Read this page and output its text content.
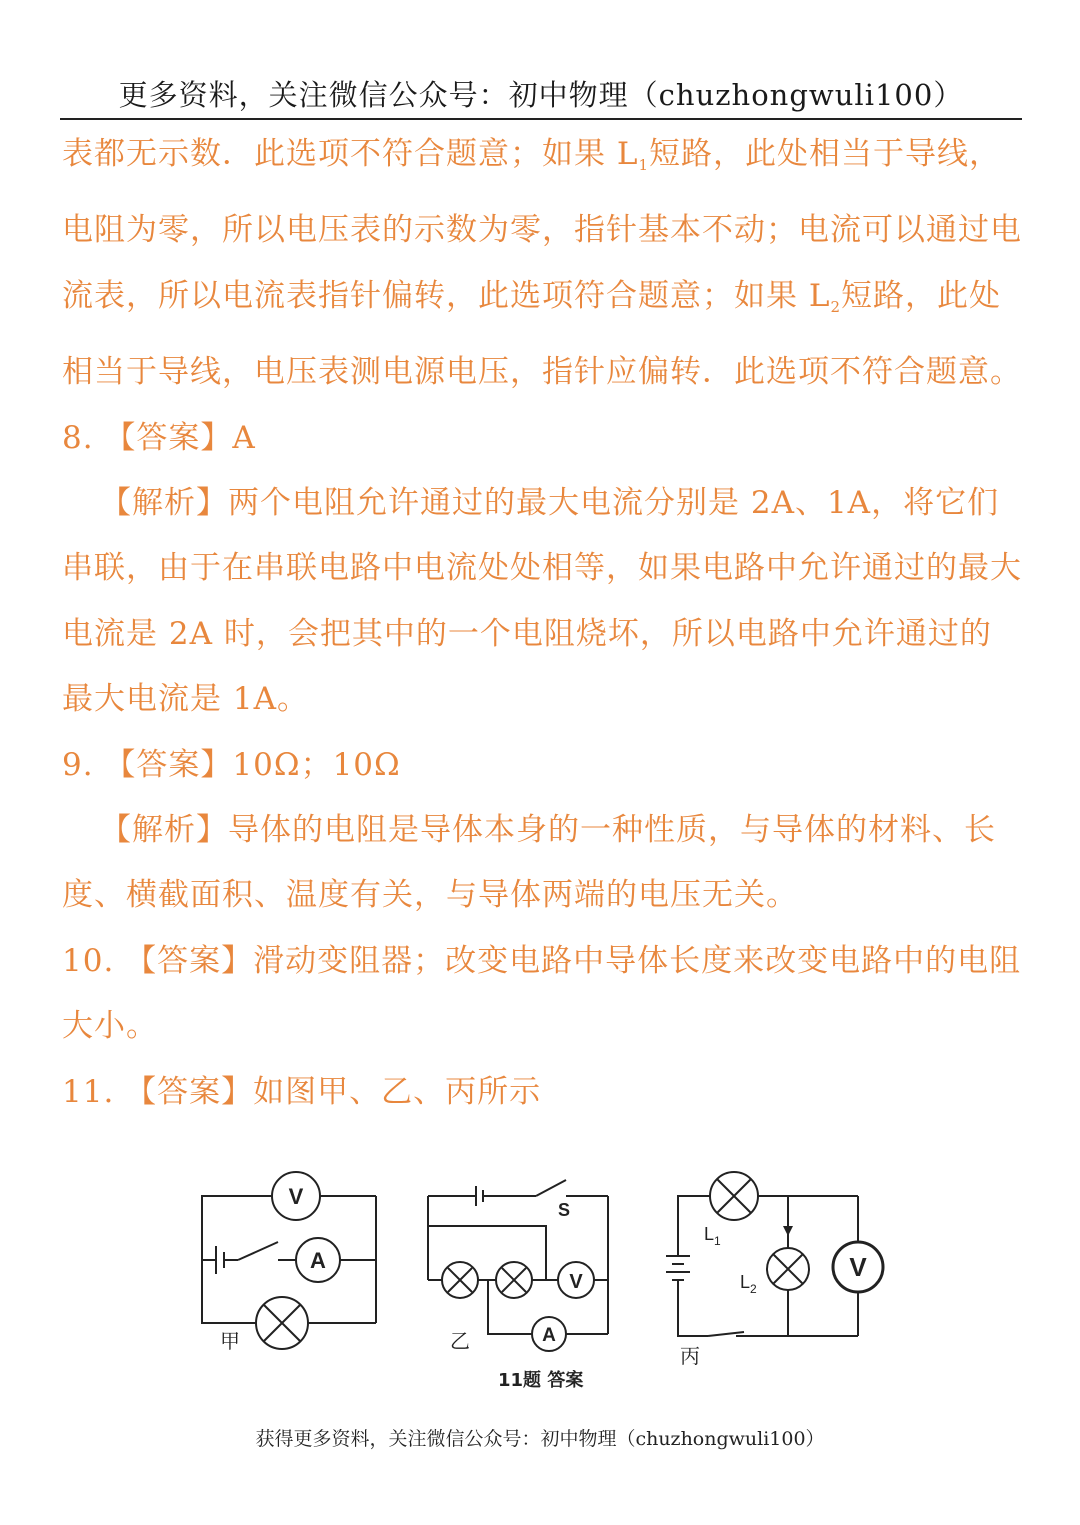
更多资料，关注微信公众号：初中物理（chuzhongwuli100）

表都无示数．此选项不符合题意；如果 $L_1$短路，此处相当于导线，电阻为零，所以电压表的示数为零，指针基本不动；电流可以通过电流表，所以电流表指针偏转，此选项符合题意；如果 $L_2$短路，此处相当于导线，电压表测电源电压，指针应偏转．此选项不符合题意。

8. 【答案】A

【解析】两个电阻允许通过的最大电流分别是 2A、1A，将它们串联，由于在串联电路中电流处处相等，如果电路中允许通过的最大电流是 2A 时，会把其中的一个电阻烧坏，所以电路中允许通过的最大电流是 1A。

9. 【答案】10Ω；10Ω

【解析】导体的电阻是导体本身的一种性质，与导体的材料、长度、横截面积、温度有关，与导体两端的电压无关。

10. 【答案】滑动变阻器；改变电路中导体长度来改变电路中的电阻大小。

11. 【答案】如图甲、乙、丙所示

V
A
甲
S
V
A
乙
$L_1$
$L_2$
V
丙
11题 答案
获得更多资料，关注微信公众号：初中物理（chuzhongwuli100）
